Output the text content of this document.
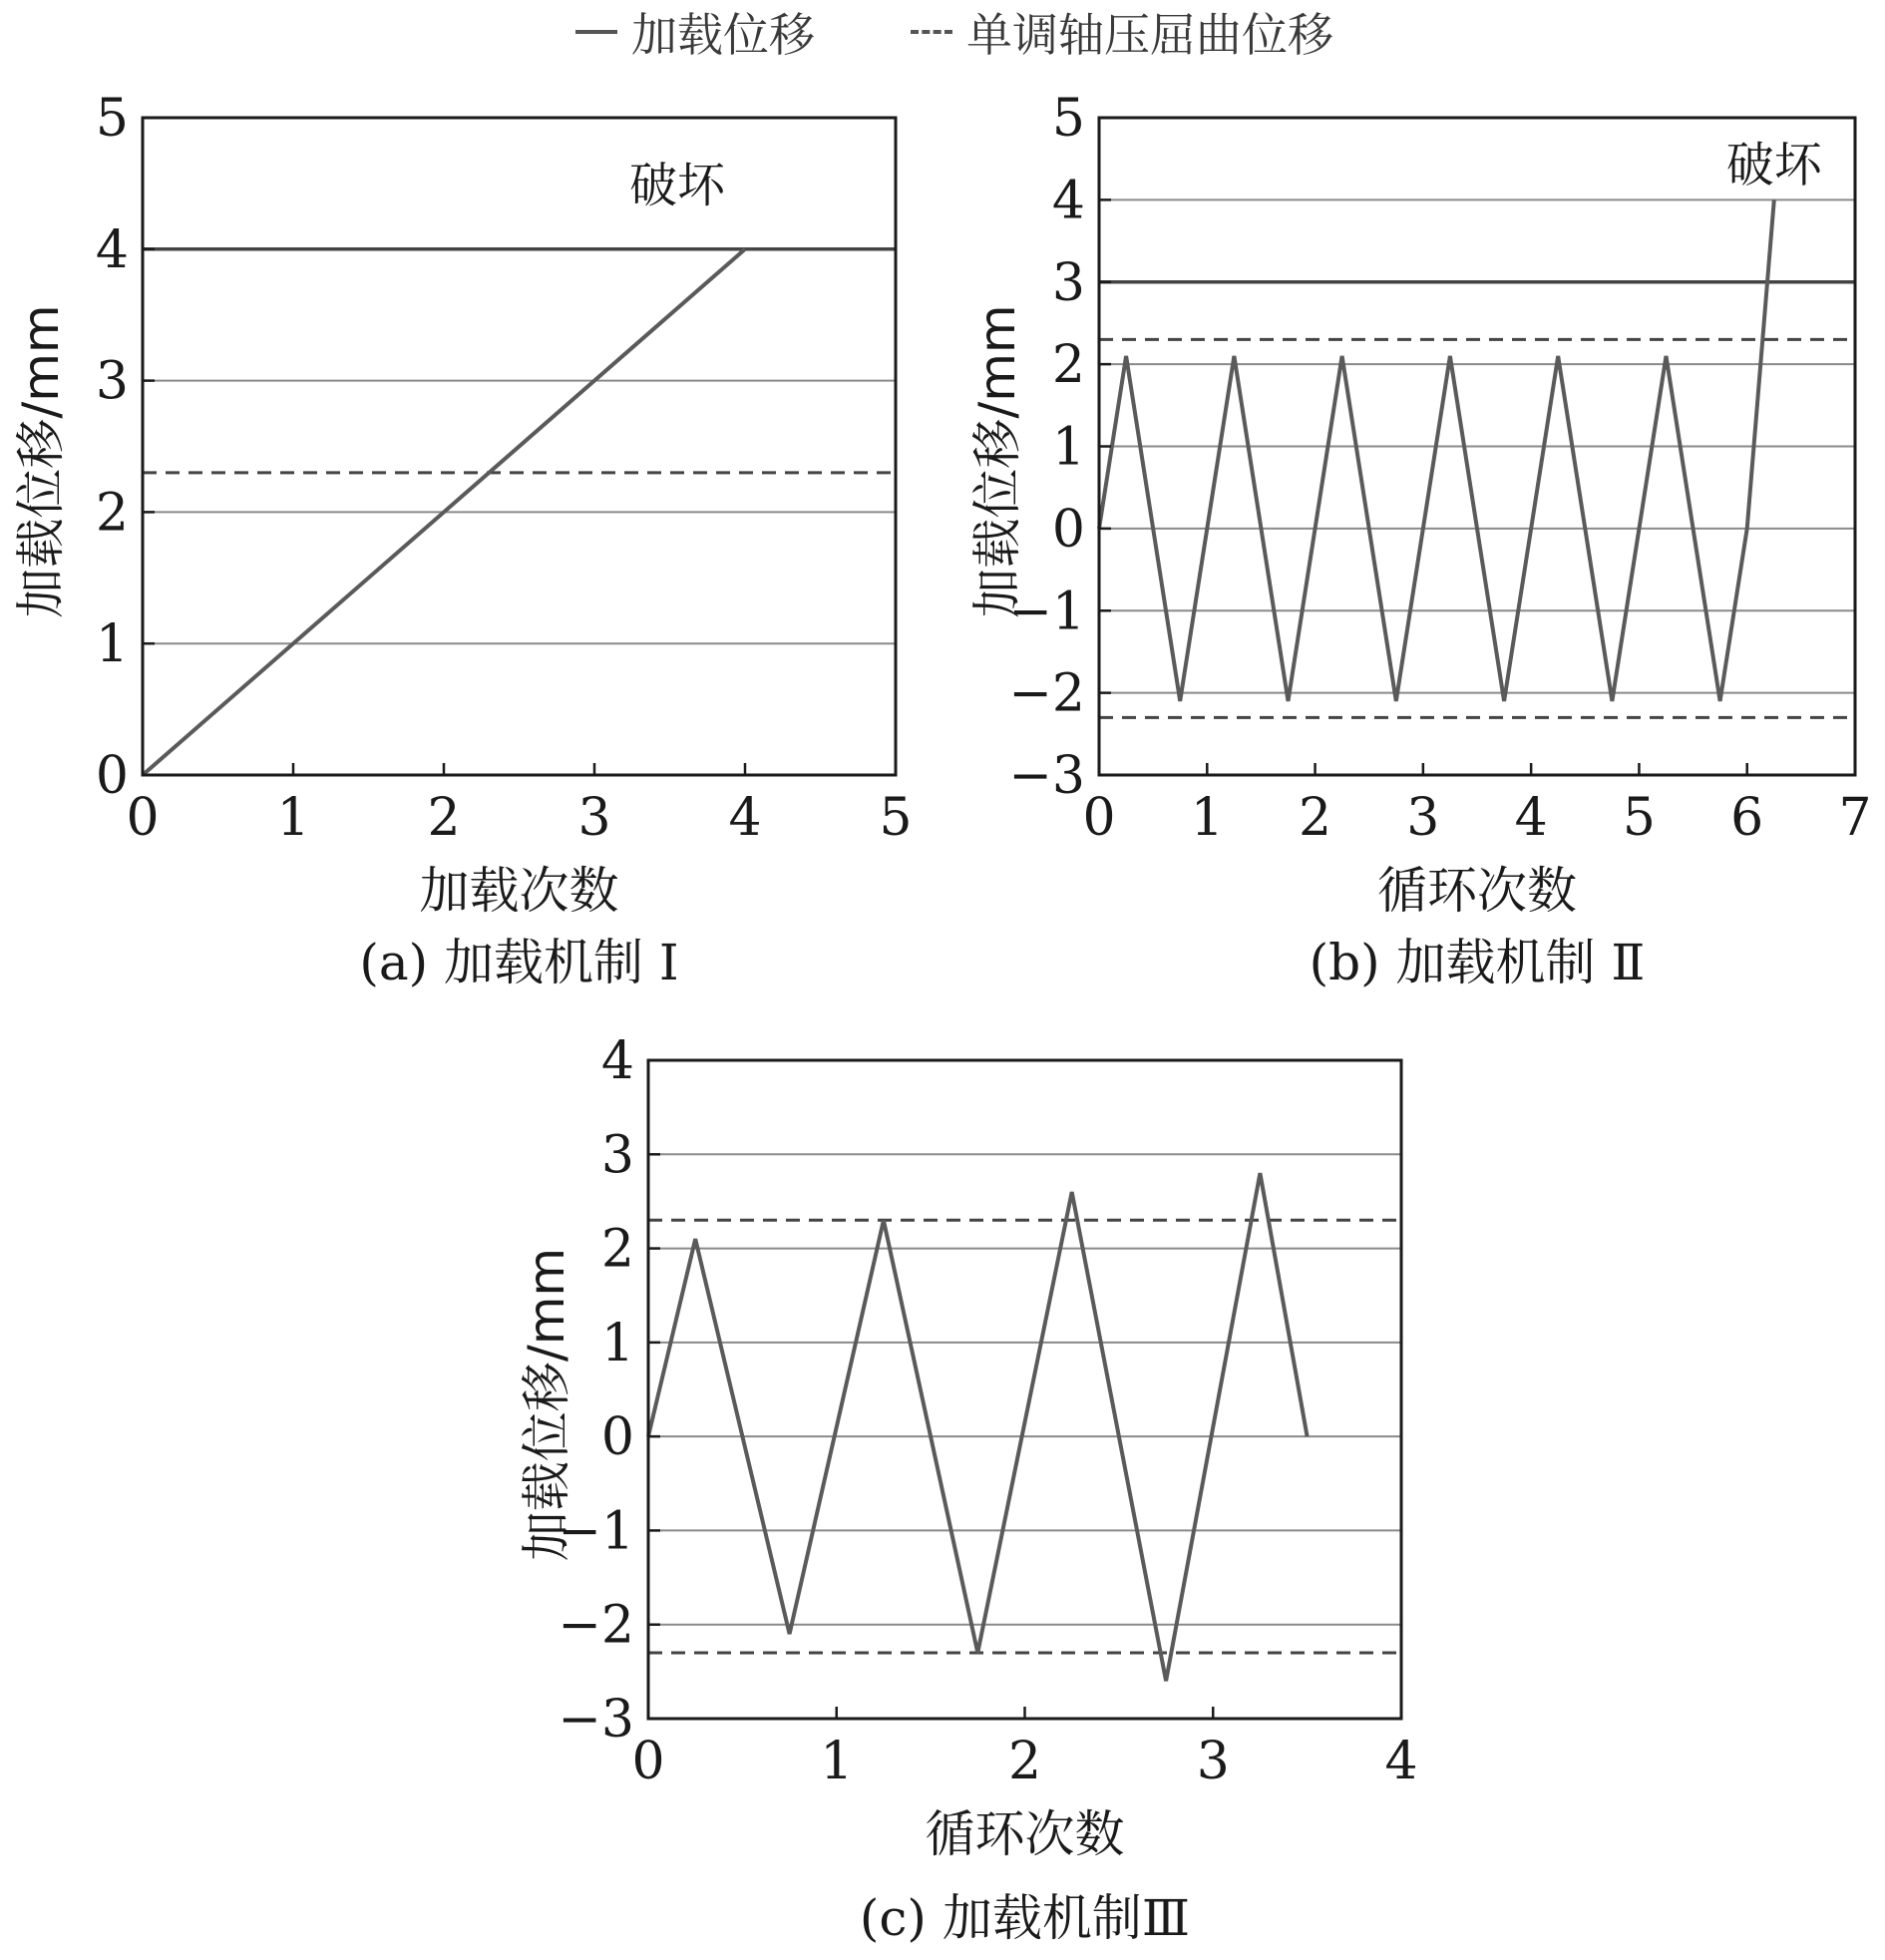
加载位移	单调轴压屈曲位移
0 1 2 3 4 5
0
1
2
3
4
5
加载次数
加载位移/mm
破坏
(a) 加载机制 Ⅰ
0 1 2 3 4 5 6 7
−3
−2
−1
0
1
2
3
4
5
循环次数
加载位移/mm
破坏
(b) 加载机制 Ⅱ
0	1	2	3	4
−3
−2
−1
0
1
2
3
4
循环次数
加载位移/mm
(c) 加载机制Ⅲ
